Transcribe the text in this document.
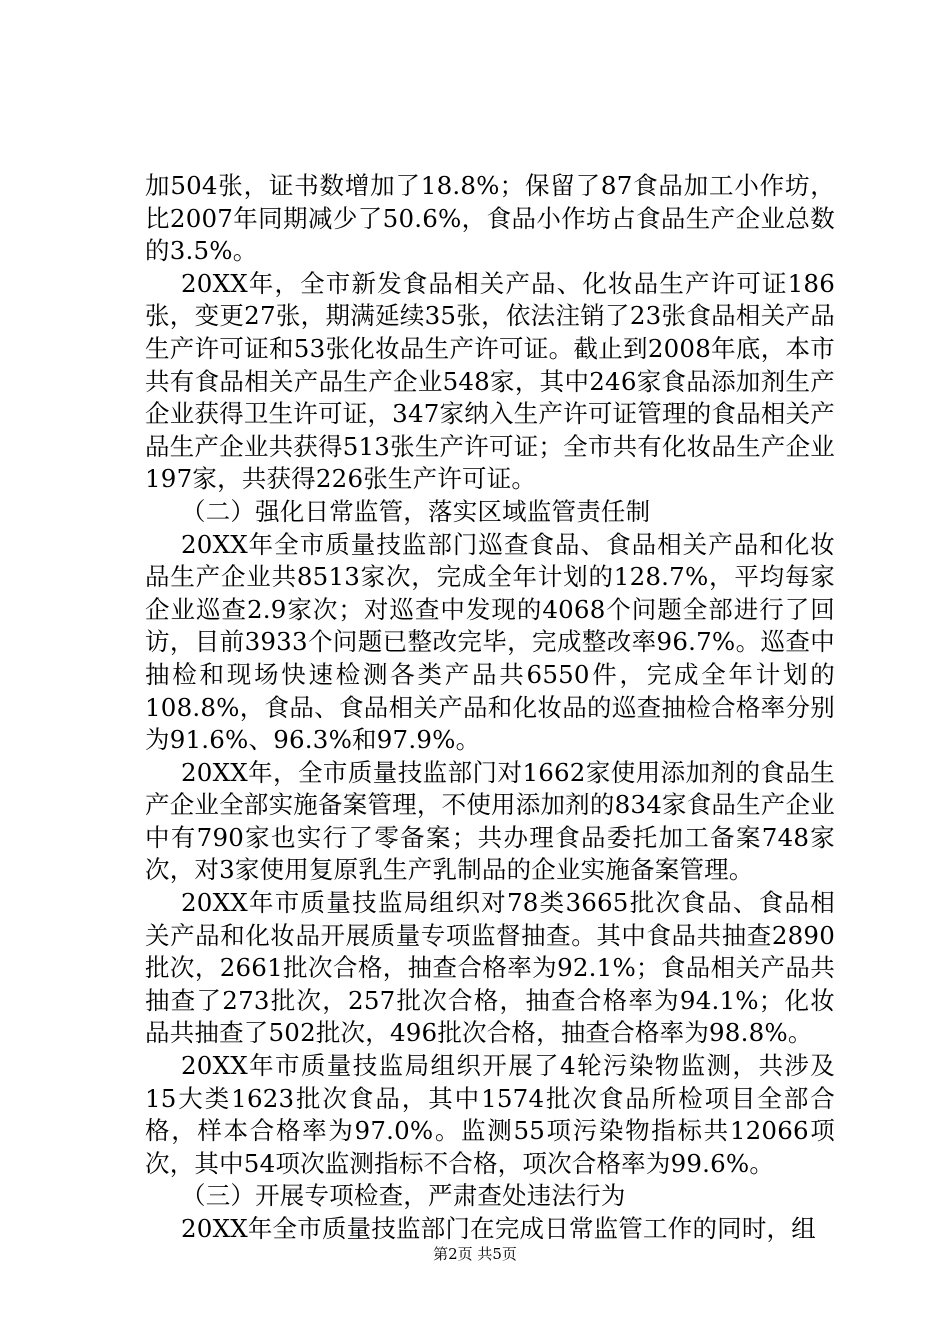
加504张，证书数增加了18.8%；保留了87食品加工小作坊，比2007年同期减少了50.6%，食品小作坊占食品生产企业总数的3.5%。

20XX年，全市新发食品相关产品、化妆品生产许可证186张，变更27张，期满延续35张，依法注销了23张食品相关产品生产许可证和53张化妆品生产许可证。截止到2008年底，本市共有食品相关产品生产企业548家，其中246家食品添加剂生产企业获得卫生许可证，347家纳入生产许可证管理的食品相关产品生产企业共获得513张生产许可证；全市共有化妆品生产企业197家，共获得226张生产许可证。

（二）强化日常监管，落实区域监管责任制

20XX年全市质量技监部门巡查食品、食品相关产品和化妆品生产企业共8513家次，完成全年计划的128.7%，平均每家企业巡查2.9家次；对巡查中发现的4068个问题全部进行了回访，目前3933个问题已整改完毕，完成整改率96.7%。巡查中抽检和现场快速检测各类产品共6550件，完成全年计划的108.8%，食品、食品相关产品和化妆品的巡查抽检合格率分别为91.6%、96.3%和97.9%。

20XX年，全市质量技监部门对1662家使用添加剂的食品生产企业全部实施备案管理，不使用添加剂的834家食品生产企业中有790家也实行了零备案；共办理食品委托加工备案748家次，对3家使用复原乳生产乳制品的企业实施备案管理。

20XX年市质量技监局组织对78类3665批次食品、食品相关产品和化妆品开展质量专项监督抽查。其中食品共抽查2890批次，2661批次合格，抽查合格率为92.1%；食品相关产品共抽查了273批次，257批次合格，抽查合格率为94.1%；化妆品共抽查了502批次，496批次合格，抽查合格率为98.8%。

20XX年市质量技监局组织开展了4轮污染物监测，共涉及15大类1623批次食品，其中1574批次食品所检项目全部合格，样本合格率为97.0%。监测55项污染物指标共12066项次，其中54项次监测指标不合格，项次合格率为99.6%。

（三）开展专项检查，严肃查处违法行为

20XX年全市质量技监部门在完成日常监管工作的同时，组

第2页 共5页
